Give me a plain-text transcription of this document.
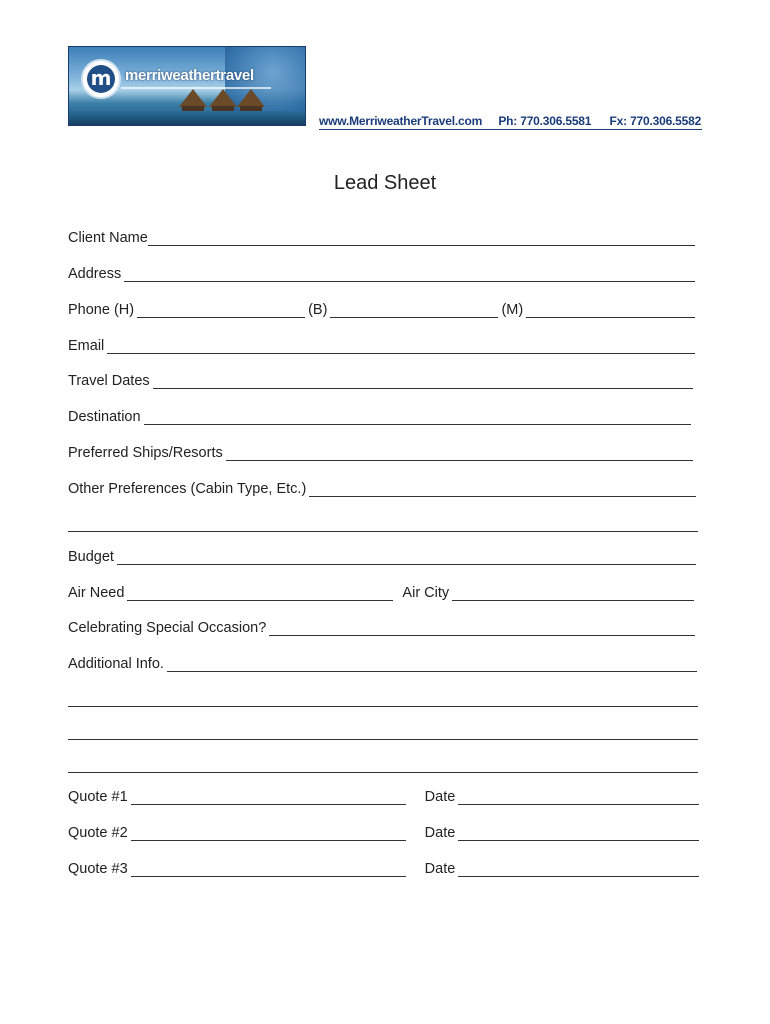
m merriweathertravel
www.MerriweatherTravel.com Ph: 770.306.5581 Fx: 770.306.5582
Lead Sheet
Client Name
Address
Phone (H)	(B)	(M)
Email
Travel Dates
Destination
Preferred Ships/Resorts
Other Preferences (Cabin Type, Etc.)
Budget
Air Need	Air City
Celebrating Special Occasion?
Additional Info.
Quote #1	Date
Quote #2	Date
Quote #3	Date
